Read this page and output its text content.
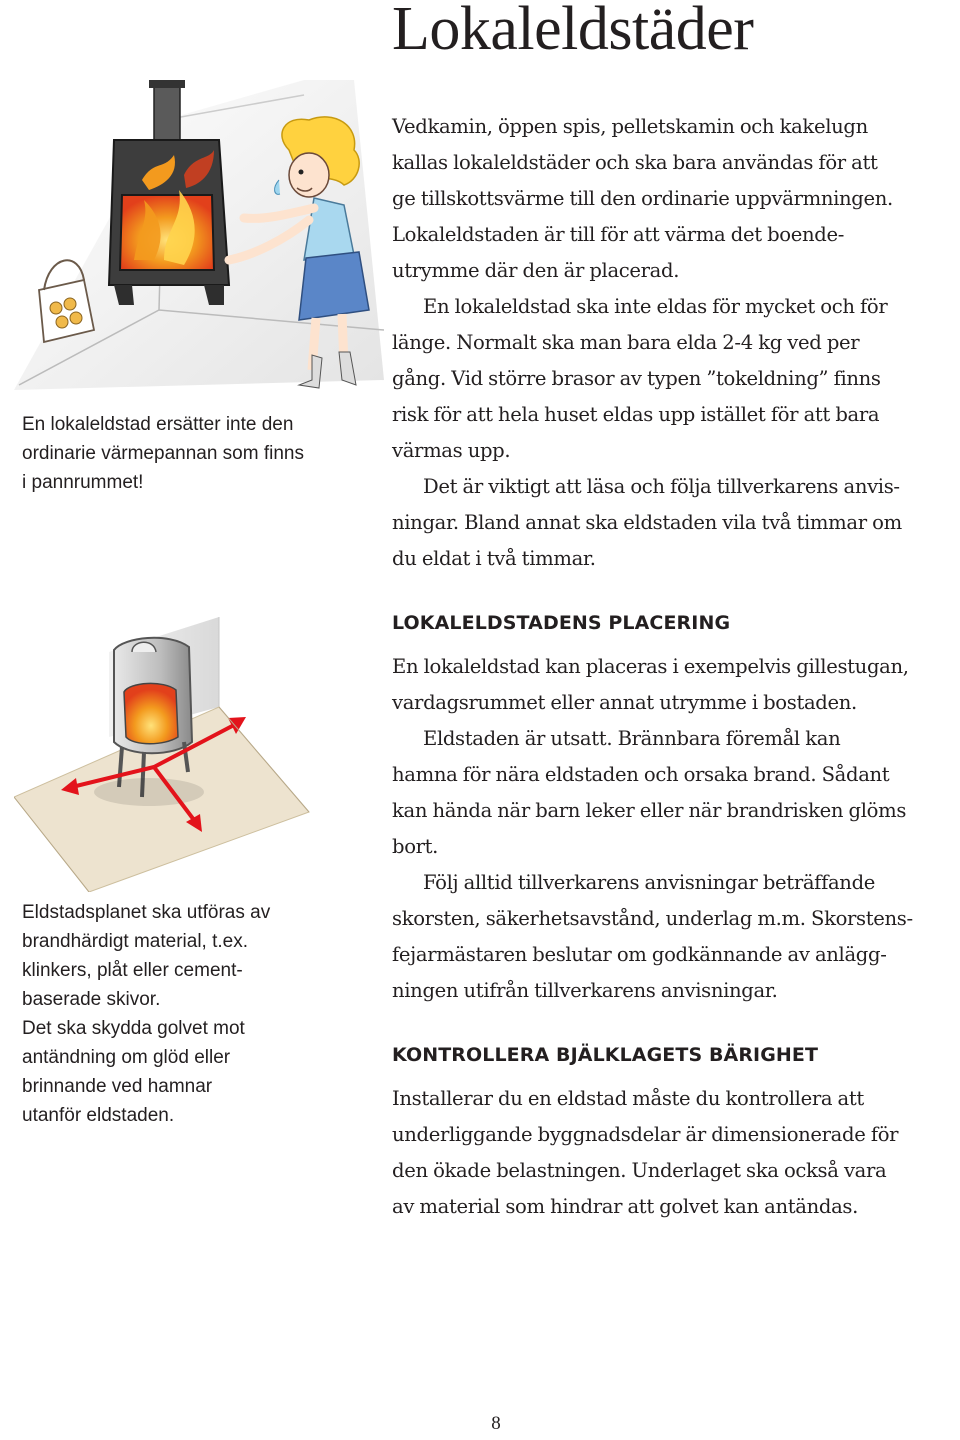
Lokaleldstäder

En lokaleldstad ersätter inte den

ordinarie värmepannan som finns

i pannrummet!

Eldstadsplanet ska utföras av

brandhärdigt material, t.ex.

klinkers, plåt eller cement-

baserade skivor.

Det ska skydda golvet mot

antändning om glöd eller

brinnande ved hamnar

utanför eldstaden.

Vedkamin, öppen spis, pelletskamin och kakelugn

kallas lokaleldstäder och ska bara användas för att

ge tillskottsvärme till den ordinarie uppvärmningen.

Lokaleldstaden är till för att värma det boende-

utrymme där den är placerad.

En lokaleldstad ska inte eldas för mycket och för

länge. Normalt ska man bara elda 2-4 kg ved per

gång. Vid större brasor av typen ”tokeldning” finns

risk för att hela huset eldas upp istället för att bara

värmas upp.

Det är viktigt att läsa och följa tillverkarens anvis-

ningar. Bland annat ska eldstaden vila två timmar om

du eldat i två timmar.

LOKALELDSTADENS PLACERING

En lokaleldstad kan placeras i exempelvis gillestugan,

vardagsrummet eller annat utrymme i bostaden.

Eldstaden är utsatt. Brännbara föremål kan

hamna för nära eldstaden och orsaka brand. Sådant

kan hända när barn leker eller när brandrisken glöms

bort.

Följ alltid tillverkarens anvisningar beträffande

skorsten, säkerhetsavstånd, underlag m.m. Skorstens-

fejarmästaren beslutar om godkännande av anlägg-

ningen utifrån tillverkarens anvisningar.

KONTROLLERA BJÄLKLAGETS BÄRIGHET

Installerar du en eldstad måste du kontrollera att

underliggande byggnadsdelar är dimensionerade för

den ökade belastningen. Underlaget ska också vara

av material som hindrar att golvet kan antändas.

8
